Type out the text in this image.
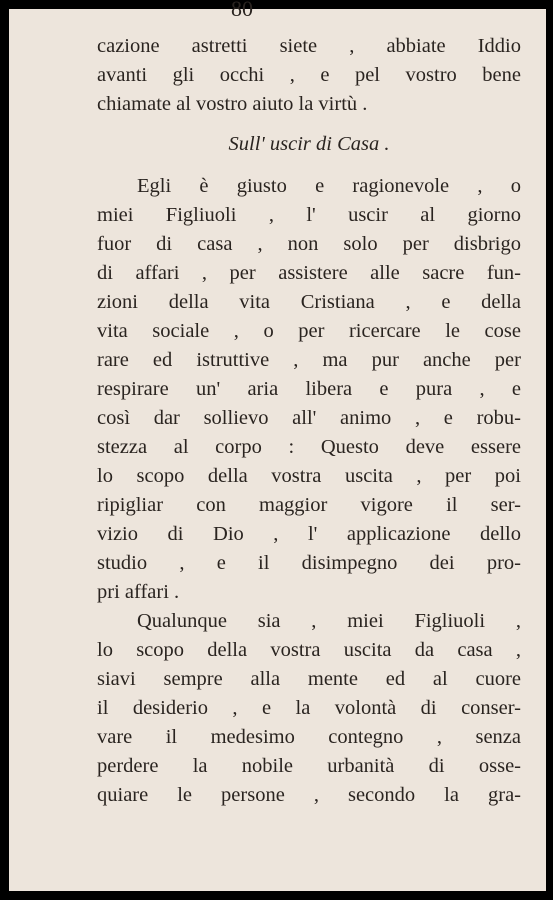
80
cazione astretti siete , abbiate Iddio
avanti gli occhi , e pel vostro bene
chiamate al vostro aiuto la virtù .
Sull' uscir di Casa .
Egli è giusto e ragionevole , o
miei Figliuoli , l' uscir al giorno
fuor di casa , non solo per disbrigo
di affari , per assistere alle sacre fun-
zioni della vita Cristiana , e della
vita sociale , o per ricercare le cose
rare ed istruttive , ma pur anche per
respirare un' aria libera e pura , e
così dar sollievo all' animo , e robu-
stezza al corpo : Questo deve essere
lo scopo della vostra uscita , per poi
ripigliar con maggior vigore il ser-
vizio di Dio , l' applicazione dello
studio , e il disimpegno dei pro-
pri affari .
Qualunque sia , miei Figliuoli ,
lo scopo della vostra uscita da casa ,
siavi sempre alla mente ed al cuore
il desiderio , e la volontà di conser-
vare il medesimo contegno , senza
perdere la nobile urbanità di osse-
quiare le persone , secondo la gra-
